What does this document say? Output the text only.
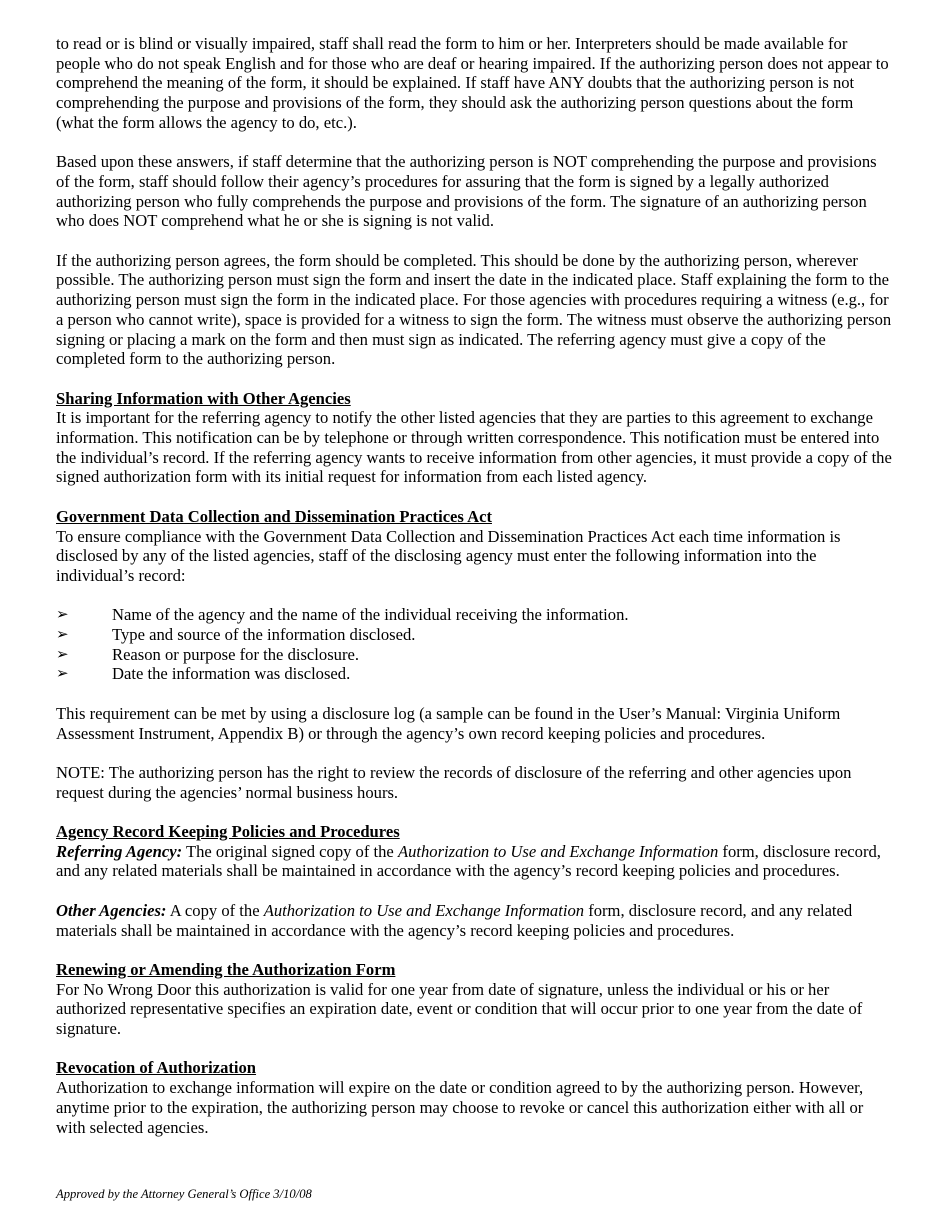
to read or is blind or visually impaired, staff shall read the form to him or her. Interpreters should be made available for people who do not speak English and for those who are deaf or hearing impaired. If the authorizing person does not appear to comprehend the meaning of the form, it should be explained. If staff have ANY doubts that the authorizing person is not comprehending the purpose and provisions of the form, they should ask the authorizing person questions about the form (what the form allows the agency to do, etc.).

Based upon these answers, if staff determine that the authorizing person is NOT comprehending the purpose and provisions of the form, staff should follow their agency’s procedures for assuring that the form is signed by a legally authorized authorizing person who fully comprehends the purpose and provisions of the form. The signature of an authorizing person who does NOT comprehend what he or she is signing is not valid.

If the authorizing person agrees, the form should be completed. This should be done by the authorizing person, wherever possible. The authorizing person must sign the form and insert the date in the indicated place. Staff explaining the form to the authorizing person must sign the form in the indicated place. For those agencies with procedures requiring a witness (e.g., for a person who cannot write), space is provided for a witness to sign the form. The witness must observe the authorizing person signing or placing a mark on the form and then must sign as indicated. The referring agency must give a copy of the completed form to the authorizing person.

Sharing Information with Other Agencies

It is important for the referring agency to notify the other listed agencies that they are parties to this agreement to exchange information. This notification can be by telephone or through written correspondence. This notification must be entered into the individual’s record. If the referring agency wants to receive information from other agencies, it must provide a copy of the signed authorization form with its initial request for information from each listed agency.

Government Data Collection and Dissemination Practices Act

To ensure compliance with the Government Data Collection and Dissemination Practices Act each time information is disclosed by any of the listed agencies, staff of the disclosing agency must enter the following information into the individual’s record:

➢	Name of the agency and the name of the individual receiving the information.
➢	Type and source of the information disclosed.
➢	Reason or purpose for the disclosure.
➢	Date the information was disclosed.

This requirement can be met by using a disclosure log (a sample can be found in the User’s Manual: Virginia Uniform Assessment Instrument, Appendix B) or through the agency’s own record keeping policies and procedures.

NOTE: The authorizing person has the right to review the records of disclosure of the referring and other agencies upon request during the agencies’ normal business hours.

Agency Record Keeping Policies and Procedures

Referring Agency: The original signed copy of the Authorization to Use and Exchange Information form, disclosure record, and any related materials shall be maintained in accordance with the agency’s record keeping policies and procedures.

Other Agencies: A copy of the Authorization to Use and Exchange Information form, disclosure record, and any related materials shall be maintained in accordance with the agency’s record keeping policies and procedures.

Renewing or Amending the Authorization Form

For No Wrong Door this authorization is valid for one year from date of signature, unless the individual or his or her authorized representative specifies an expiration date, event or condition that will occur prior to one year from the date of signature.

Revocation of Authorization

Authorization to exchange information will expire on the date or condition agreed to by the authorizing person. However, anytime prior to the expiration, the authorizing person may choose to revoke or cancel this authorization either with all or with selected agencies.

Approved by the Attorney General’s Office 3/10/08
